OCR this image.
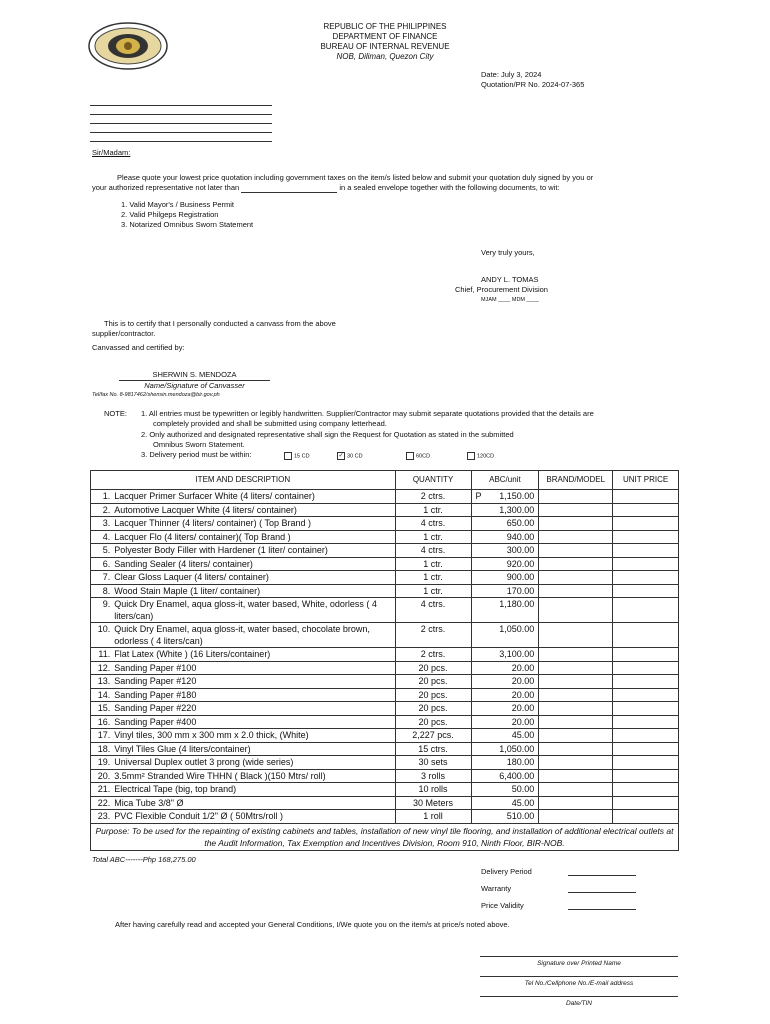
REPUBLIC OF THE PHILIPPINES
DEPARTMENT OF FINANCE
BUREAU OF INTERNAL REVENUE
NOB, Diliman, Quezon City
Date: July 3, 2024
Quotation/PR No. 2024-07-365
Sir/Madam:
Please quote your lowest price quotation including government taxes on the item/s listed below and submit your quotation duly signed by you or
your authorized representative not later than	in a sealed envelope together with the following documents, to wit:
1. Valid Mayor's / Business Permit
2. Valid Philgeps Registration
3. Notarized Omnibus Sworn Statement
Very truly yours,
ANDY L. TOMAS
Chief, Procurement Division
MJAM ____ MDM ____
This is to certify that I personally conducted a canvass from the above
supplier/contractor.
Canvassed and certified by:
SHERWIN S. MENDOZA
Name/Signature of Canvasser
Tel/fax No. 8-9817462/shensin.mendoza@bir.gov.ph
NOTE: 1. All entries must be typewritten or legibly handwritten. Supplier/Contractor may submit separate quotations provided that the details are
completely provided and shall be submitted using company letterhead.
2. Only authorized and designated representative shall sign the Request for Quotation as stated in the submitted
Omnibus Sworn Statement.
3. Delivery period must be within:	15 CD	✓ 30 CD	60CD	120CD
ITEM AND DESCRIPTION		QUANTITY	ABC/unit	BRAND/MODEL	UNIT PRICE
1.	Lacquer Primer Surfacer White (4 liters/ container)	2 ctrs.	P 1,150.00		
2.	Automotive Lacquer White (4 liters/ container)	1 ctr.	1,300.00		
3.	Lacquer Thinner (4 liters/ container) ( Top Brand )	4 ctrs.	650.00		
4.	Lacquer Flo (4 liters/ container)( Top Brand )	1 ctr.	940.00		
5.	Polyester Body Filler with Hardener (1 liter/ container)	4 ctrs.	300.00		
6.	Sanding Sealer (4 liters/ container)	1 ctr.	920.00		
7.	Clear Gloss Laquer (4 liters/ container)	1 ctr.	900.00		
8.	Wood Stain Maple (1 liter/ container)	1 ctr.	170.00		
9.	Quick Dry Enamel, aqua gloss-it, water based, White, odorless ( 4 liters/can)	4 ctrs.	1,180.00		
10.	Quick Dry Enamel, aqua gloss-it, water based, chocolate brown, odorless ( 4 liters/can)	2 ctrs.	1,050.00		
11.	Flat Latex (White ) (16 Liters/container)	2 ctrs.	3,100.00		
12.	Sanding Paper #100	20 pcs.	20.00		
13.	Sanding Paper #120	20 pcs.	20.00		
14.	Sanding Paper #180	20 pcs.	20.00		
15.	Sanding Paper #220	20 pcs.	20.00		
16.	Sanding Paper #400	20 pcs.	20.00		
17.	Vinyl tiles, 300 mm x 300 mm x 2.0 thick, (White)	2,227 pcs.	45.00		
18.	Vinyl Tiles Glue (4 liters/container)	15 ctrs.	1,050.00		
19.	Universal Duplex outlet 3 prong (wide series)	30 sets	180.00		
20.	3.5mm² Stranded Wire THHN ( Black )(150 Mtrs/ roll)	3 rolls	6,400.00		
21.	Electrical Tape (big, top brand)	10 rolls	50.00		
22.	Mica Tube 3/8" Ø	30 Meters	45.00		
23.	PVC Flexible Conduit 1/2" Ø ( 50Mtrs/roll )	1 roll	510.00		
Purpose: To be used for the repainting of existing cabinets and tables, installation of new vinyl tile flooring, and installation of additional electrical outlets at the Audit Information, Tax Exemption and Incentives Division, Room 910, Ninth Floor, BIR-NOB.					
Total ABC-------Php 168,275.00
Delivery Period
Warranty
Price Validity
After having carefully read and accepted your General Conditions, I/We quote you on the item/s at price/s noted above.
Signature over Printed Name
Tel No./Cellphone No./E-mail address
Date/TIN
